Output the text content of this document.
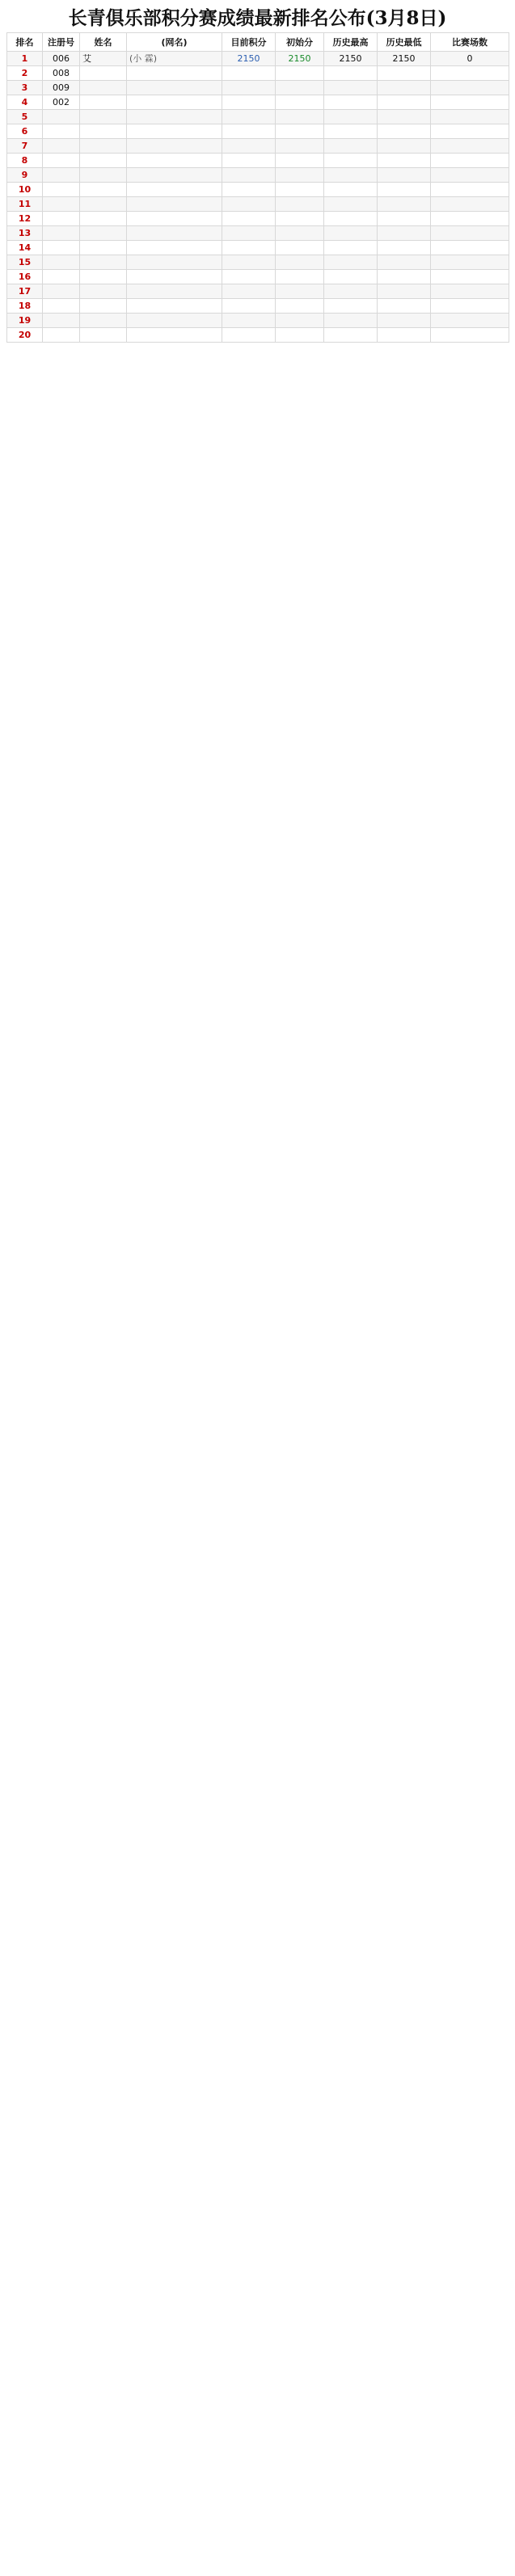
长青俱乐部积分赛成绩最新排名公布(3月8日)
排名	注册号	姓名	(网名)	目前积分	初始分	历史最高	历史最低	比赛场数
1	006	艾	(小 霖)	2150	2150	2150	2150	0
2	008							
3	009							
4	002							
5								
6								
7								
8								
9								
10								
11								
12								
13								
14								
15								
16								
17								
18								
19								
20								
